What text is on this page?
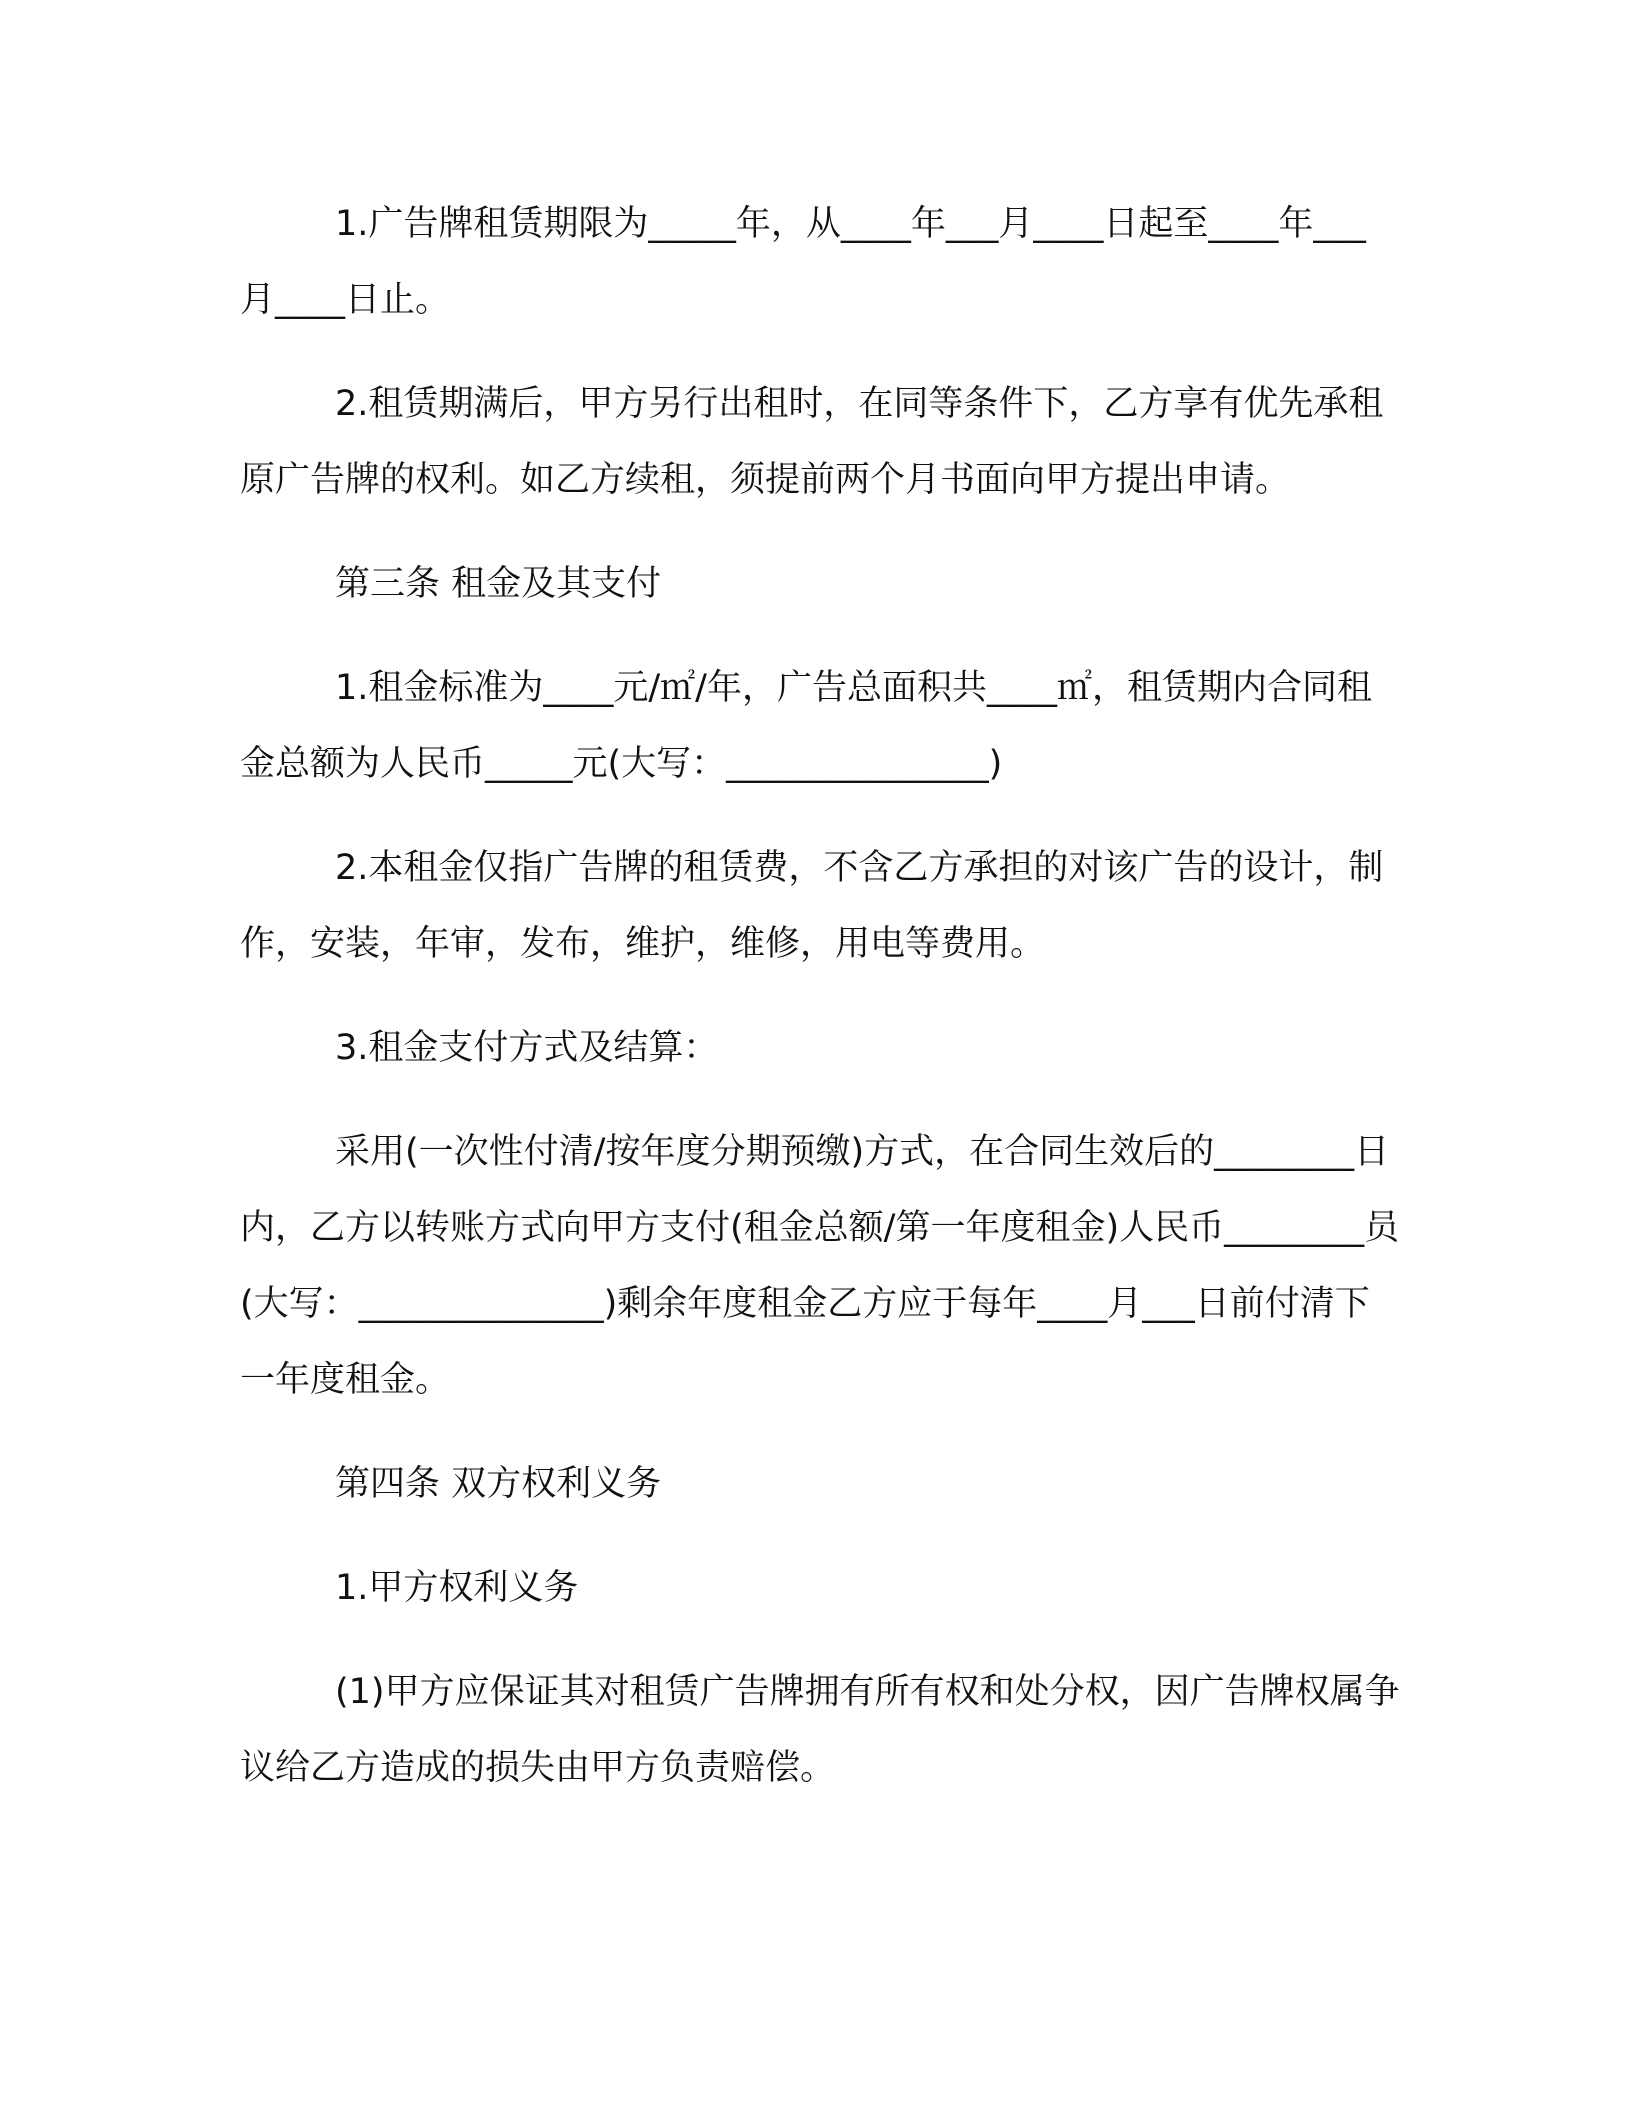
1.广告牌租赁期限为_____年，从____年___月____日起至____年___月____日止。

2.租赁期满后，甲方另行出租时，在同等条件下，乙方享有优先承租原广告牌的权利。如乙方续租，须提前两个月书面向甲方提出申请。

第三条 租金及其支付

1.租金标准为____元/㎡/年，广告总面积共____㎡，租赁期内合同租金总额为人民币_____元(大写：_______________)

2.本租金仅指广告牌的租赁费，不含乙方承担的对该广告的设计，制作，安装，年审，发布，维护，维修，用电等费用。

3.租金支付方式及结算：

采用(一次性付清/按年度分期预缴)方式，在合同生效后的________日内，乙方以转账方式向甲方支付(租金总额/第一年度租金)人民币________员(大写：______________)剩余年度租金乙方应于每年____月___日前付清下一年度租金。

第四条 双方权利义务

1.甲方权利义务

(1)甲方应保证其对租赁广告牌拥有所有权和处分权，因广告牌权属争议给乙方造成的损失由甲方负责赔偿。
